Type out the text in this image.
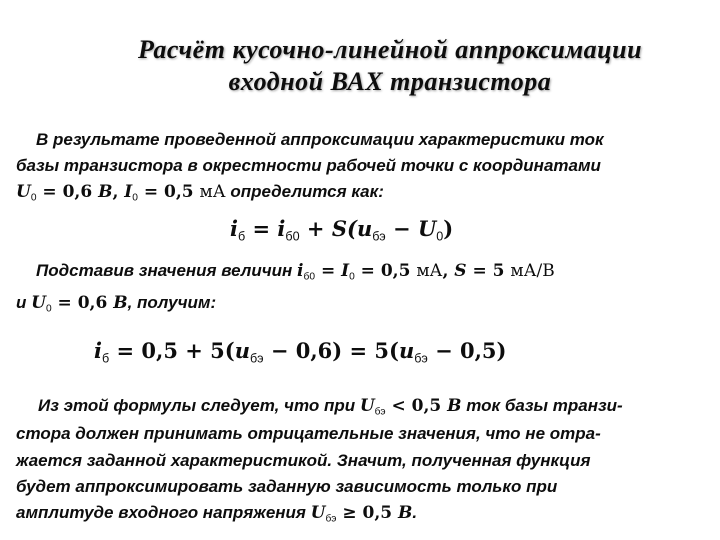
Расчёт кусочно-линейной аппроксимации
входной ВАХ транзистора
В результате проведенной аппроксимации характеристики ток
базы транзистора в окрестности рабочей точки с координатами
$U_0 = 0,6$ В, $I_0 = 0,5$ мА определится как:
$i_б = i_{б0} + S(u_{бэ} - U_0)$
Подставив значения величин $i_{б0} = I_0 = 0,5$ мА, S = 5 мА/В
и $U_0 = 0,6$ В, получим:
$i_б = 0,5 + 5(u_{бэ} - 0,6) = 5(u_{бэ} - 0,5)$
Из этой формулы следует, что при $U_{бэ} < 0,5$ В ток базы транзи-
стора должен принимать отрицательные значения, что не отра-
жается заданной характеристикой. Значит, полученная функция
будет аппроксимировать заданную зависимость только при
амплитуде входного напряжения $U_{бэ} \ge 0,5$ В.
